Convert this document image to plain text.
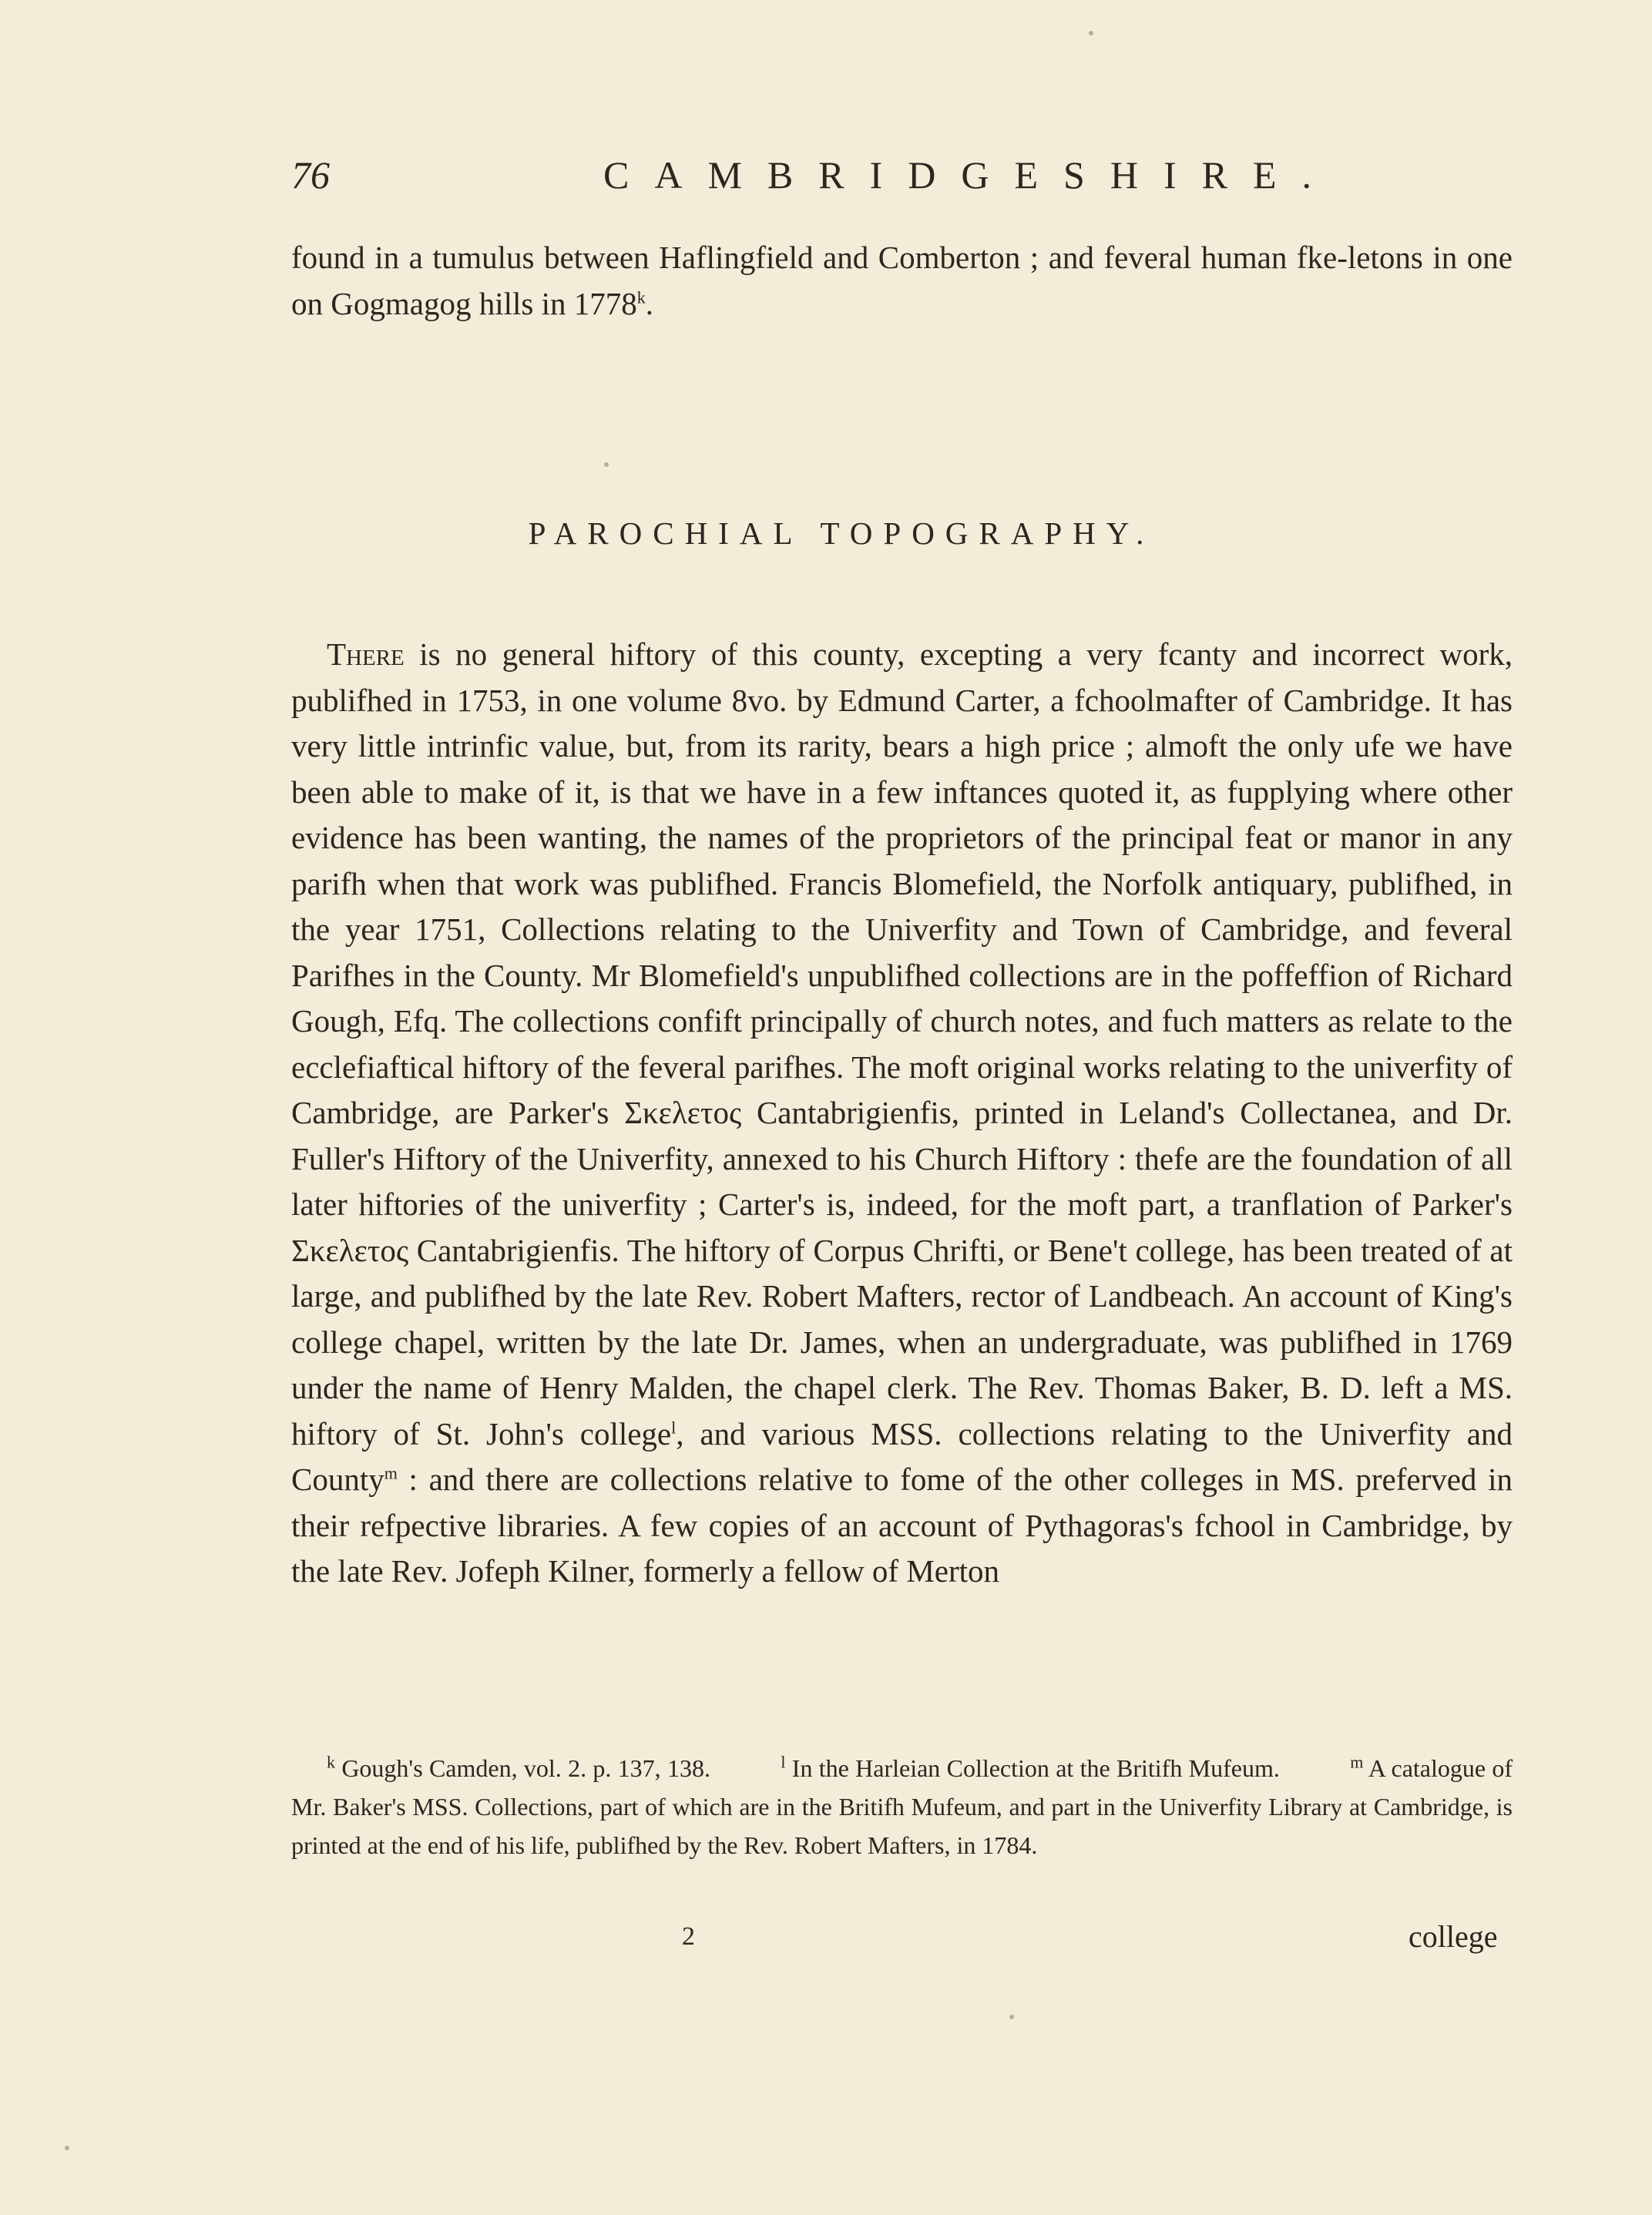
76	CAMBRIDGESHIRE.
found in a tumulus between Haflingfield and Comberton ; and feveral human fke-letons in one on Gogmagog hills in 1778$^k$.
PAROCHIAL TOPOGRAPHY.

There is no general hiftory of this county, excepting a very fcanty and incorrect work, publifhed in 1753, in one volume 8vo. by Edmund Carter, a fchoolmafter of Cambridge. It has very little intrinfic value, but, from its rarity, bears a high price ; almoft the only ufe we have been able to make of it, is that we have in a few inftances quoted it, as fupplying where other evidence has been wanting, the names of the proprietors of the principal feat or manor in any parifh when that work was publifhed. Francis Blomefield, the Norfolk antiquary, publifhed, in the year 1751, Collections relating to the Univerfity and Town of Cambridge, and feveral Parifhes in the County. Mr Blomefield's unpublifhed collections are in the poffeffion of Richard Gough, Efq. The collections confift principally of church notes, and fuch matters as relate to the ecclefiaftical hiftory of the feveral parifhes. The moft original works relating to the univerfity of Cambridge, are Parker's Σκελετος Cantabrigienfis, printed in Leland's Collectanea, and Dr. Fuller's Hiftory of the Univerfity, annexed to his Church Hiftory : thefe are the foundation of all later hiftories of the univerfity ; Carter's is, indeed, for the moft part, a tranflation of Parker's Σκελετος Cantabrigienfis. The hiftory of Corpus Chrifti, or Bene't college, has been treated of at large, and publifhed by the late Rev. Robert Mafters, rector of Landbeach. An account of King's college chapel, written by the late Dr. James, when an undergraduate, was publifhed in 1769 under the name of Henry Malden, the chapel clerk. The Rev. Thomas Baker, B. D. left a MS. hiftory of St. John's college$^l$, and various MSS. collections relating to the Univerfity and County$^m$ : and there are collections relative to fome of the other colleges in MS. preferved in their refpective libraries. A few copies of an account of Pythagoras's fchool in Cambridge, by the late Rev. Jofeph Kilner, formerly a fellow of Merton

$^k$ Gough's Camden, vol. 2. p. 137, 138.	$^l$ In the Harleian Collection at the Britifh Mufeum.	$^m$ A catalogue of Mr. Baker's MSS. Collections, part of which are in the Britifh Mufeum, and part in the Univerfity Library at Cambridge, is printed at the end of his life, publifhed by the Rev. Robert Mafters, in 1784.

2	college
